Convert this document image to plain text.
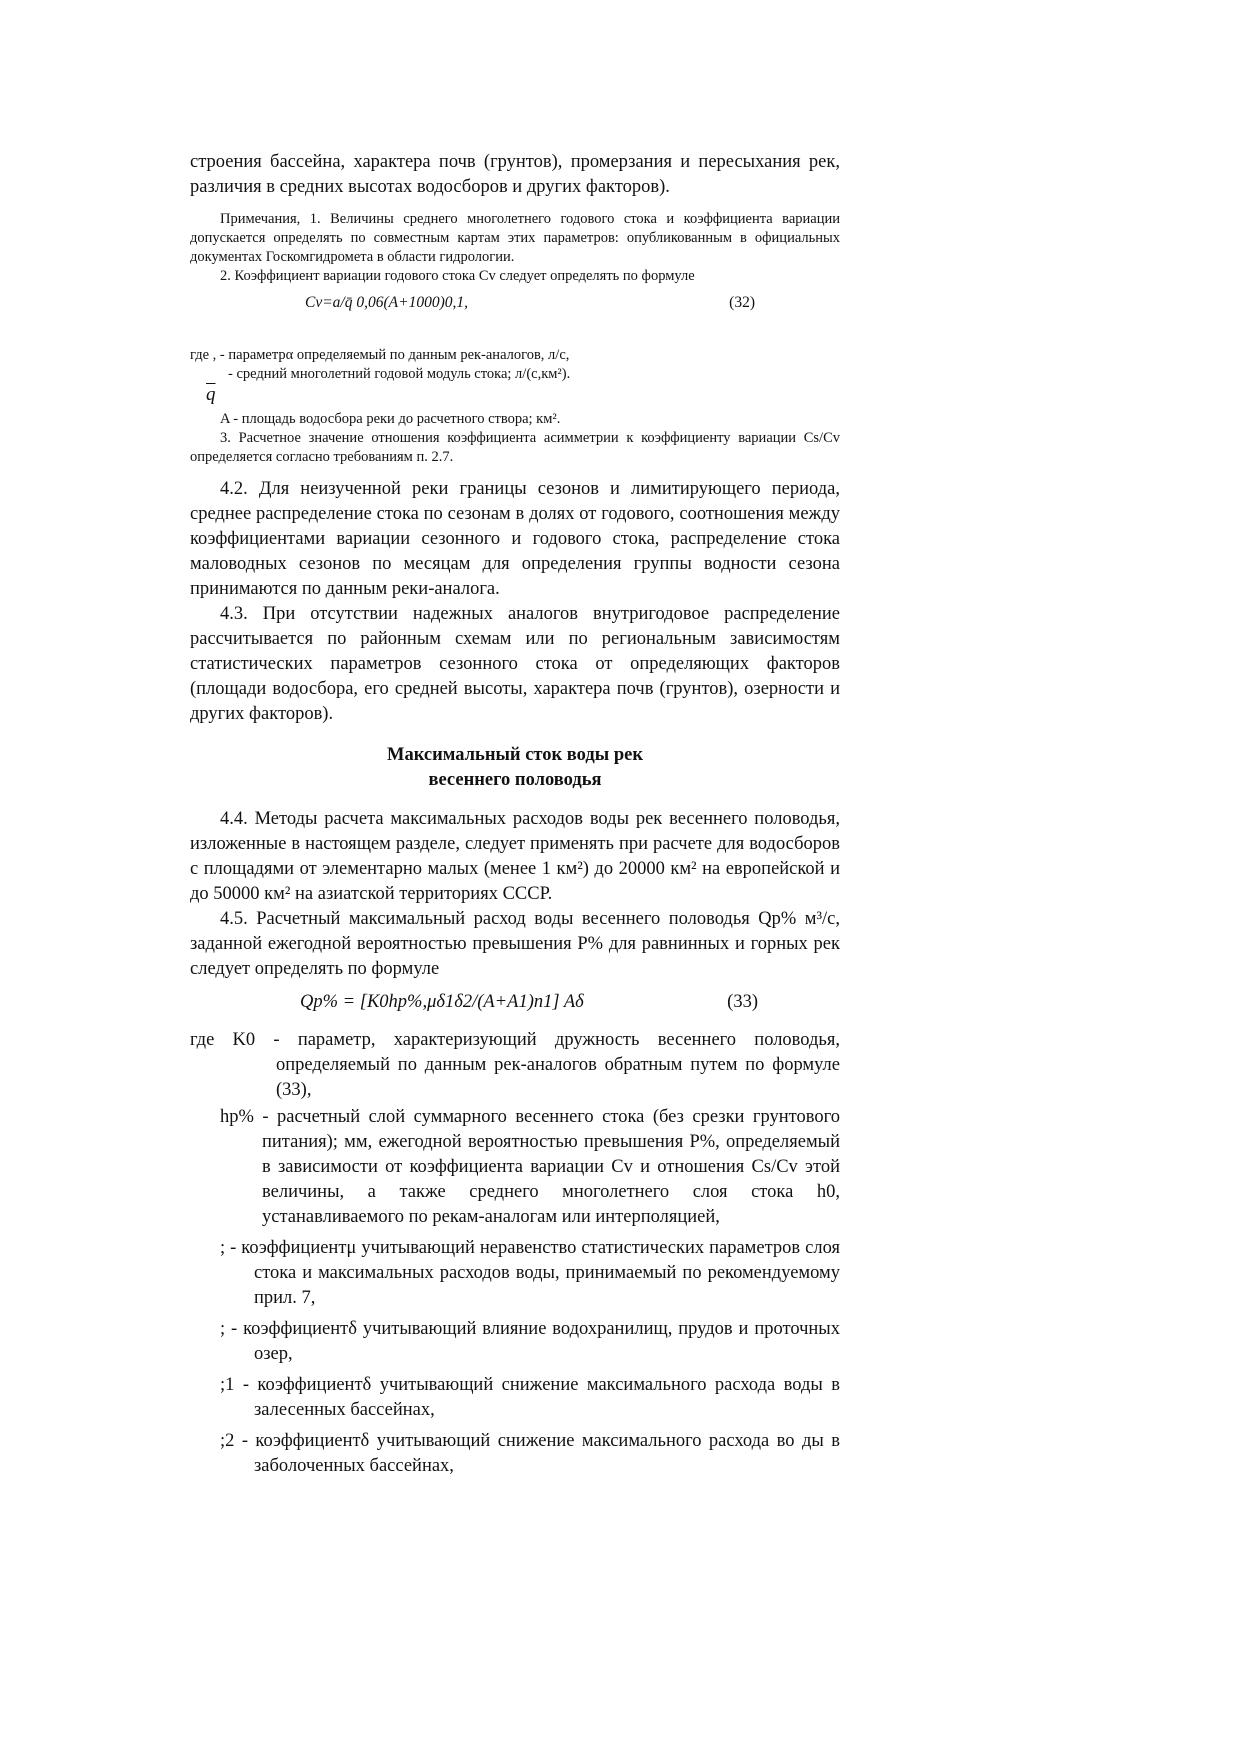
строения бассейна, характера почв (грунтов), промерзания и пересыхания рек, различия в средних высотах водосборов и других факторов).

Примечания, 1. Величины среднего многолетнего годового стока и коэффициента вариации допускается определять по совместным картам этих параметров: опубликованным в официальных документах Госкомгидромета в области гидрологии.

2. Коэффициент вариации годового стока Cv следует определять по формуле

Cv=a/q̄ 0,06(A+1000)0,1,	(32)

где , - параметрα определяемый по данным рек-аналогов, л/с,

- средний многолетний годовой модуль стока; л/(с,км²).

$\overline{q}$

A - площадь водосбора реки до расчетного створа; км².

3. Расчетное значение отношения коэффициента асимметрии к коэффициенту вариации Cs/Cv определяется согласно требованиям п. 2.7.

4.2. Для неизученной реки границы сезонов и лимитирующего периода, среднее распределение стока по сезонам в долях от годового, соотношения между коэффициентами вариации сезонного и годового стока, распределение стока маловодных сезонов по месяцам для определения группы водности сезона принимаются по данным реки-аналога.

4.3. При отсутствии надежных аналогов внутригодовое распределение рассчитывается по районным схемам или по региональным зависимостям статистических параметров сезонного стока от определяющих факторов (площади водосбора, его средней высоты, характера почв (грунтов), озерности и других факторов).

Максимальный сток воды рек

весеннего половодья

4.4. Методы расчета максимальных расходов воды рек весеннего половодья, изложенные в настоящем разделе, следует применять при расчете для водосборов с площадями от элементарно малых (менее 1 км²) до 20000 км² на европейской и до 50000 км² на азиатской территориях СССР.

4.5. Расчетный максимальный расход воды весеннего половодья Qp% м³/с, заданной ежегодной вероятностью превышения P% для равнинных и горных рек следует определять по формуле

Qp% = [K0hp%,μδ1δ2/(A+A1)n1] Aδ	(33)

где K0 - параметр, характеризующий дружность весеннего половодья, определяемый по данным рек-аналогов обратным путем по формуле (33),

hp% - расчетный слой суммарного весеннего стока (без срезки грунтового питания); мм, ежегодной вероятностью превышения P%, определяемый в зависимости от коэффициента вариации Cv и отношения Cs/Cv этой величины, а также среднего многолетнего слоя стока h0, устанавливаемого по рекам-аналогам или интерполяцией,

; - коэффициентμ учитывающий неравенство статистических параметров слоя стока и максимальных расходов воды, принимаемый по рекомендуемому прил. 7,

; - коэффициентδ учитывающий влияние водохранилищ, прудов и проточных озер,

;1 - коэффициентδ учитывающий снижение максимального расхода воды в залесенных бассейнах,

;2 - коэффициентδ учитывающий снижение максимального расхода во ды в заболоченных бассейнах,
